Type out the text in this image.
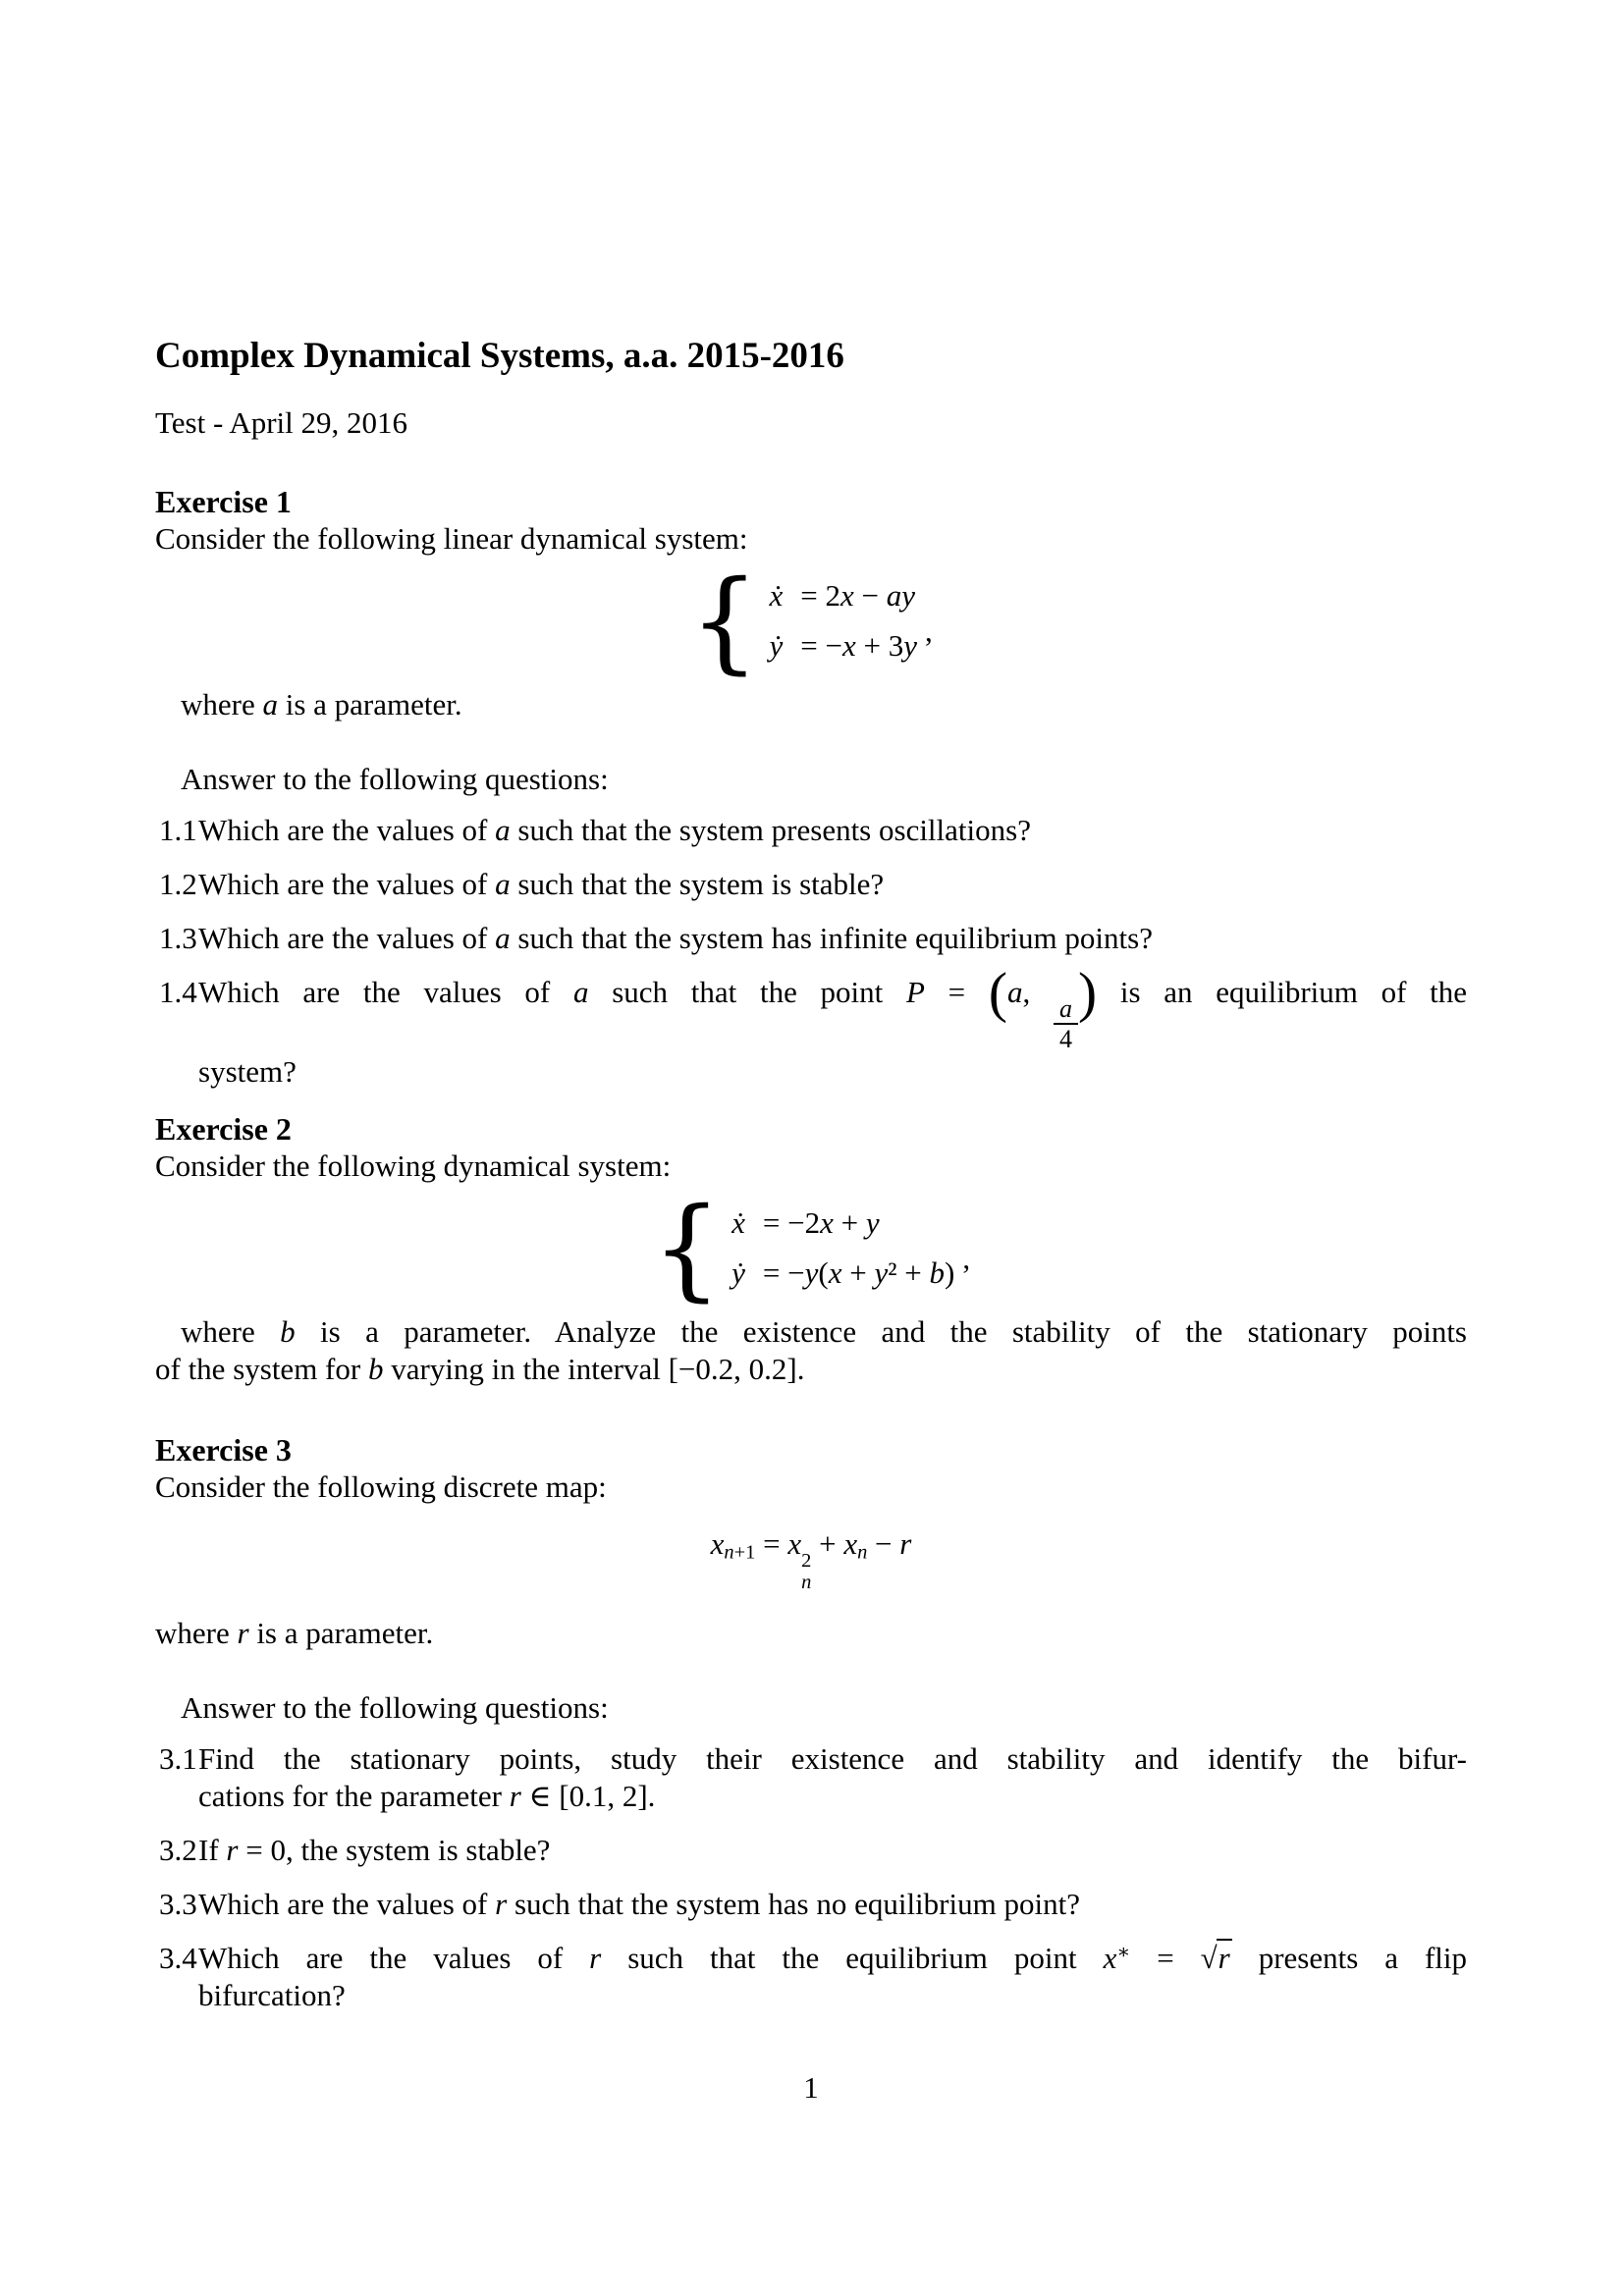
Complex Dynamical Systems, a.a. 2015-2016

Test - April 29, 2016

Exercise 1

Consider the following linear dynamical system:

{ ẋ = 2x − ay
ẏ = −x + 3y ,

where a is a parameter.

Answer to the following questions:

1.1 Which are the values of a such that the system presents oscillations?
1.2 Which are the values of a such that the system is stable?
1.3 Which are the values of a such that the system has infinite equilibrium points?
1.4 Which are the values of a such that the point P = (a,
$\frac{a}{4}$
) is an equilibrium of the
system?
Exercise 2

Consider the following dynamical system:

{ ẋ = −2x + y
ẏ = −y(x + y² + b) ,

where b is a parameter. Analyze the existence and the stability of the stationary points
of the system for b varying in the interval [−0.2, 0.2].

Exercise 3

Consider the following discrete map:

$x_{n+1} = x$ 2
n
+ $x_n - r$

where r is a parameter.

Answer to the following questions:

3.1 Find the stationary points, study their existence and stability and identify the bifur-
cations for the parameter r ∈ [0.1, 2].
3.2 If r = 0, the system is stable?
3.3 Which are the values of r such that the system has no equilibrium point?
3.4 Which are the values of r such that the equilibrium point x∗ = √r presents a flip
bifurcation?
1
